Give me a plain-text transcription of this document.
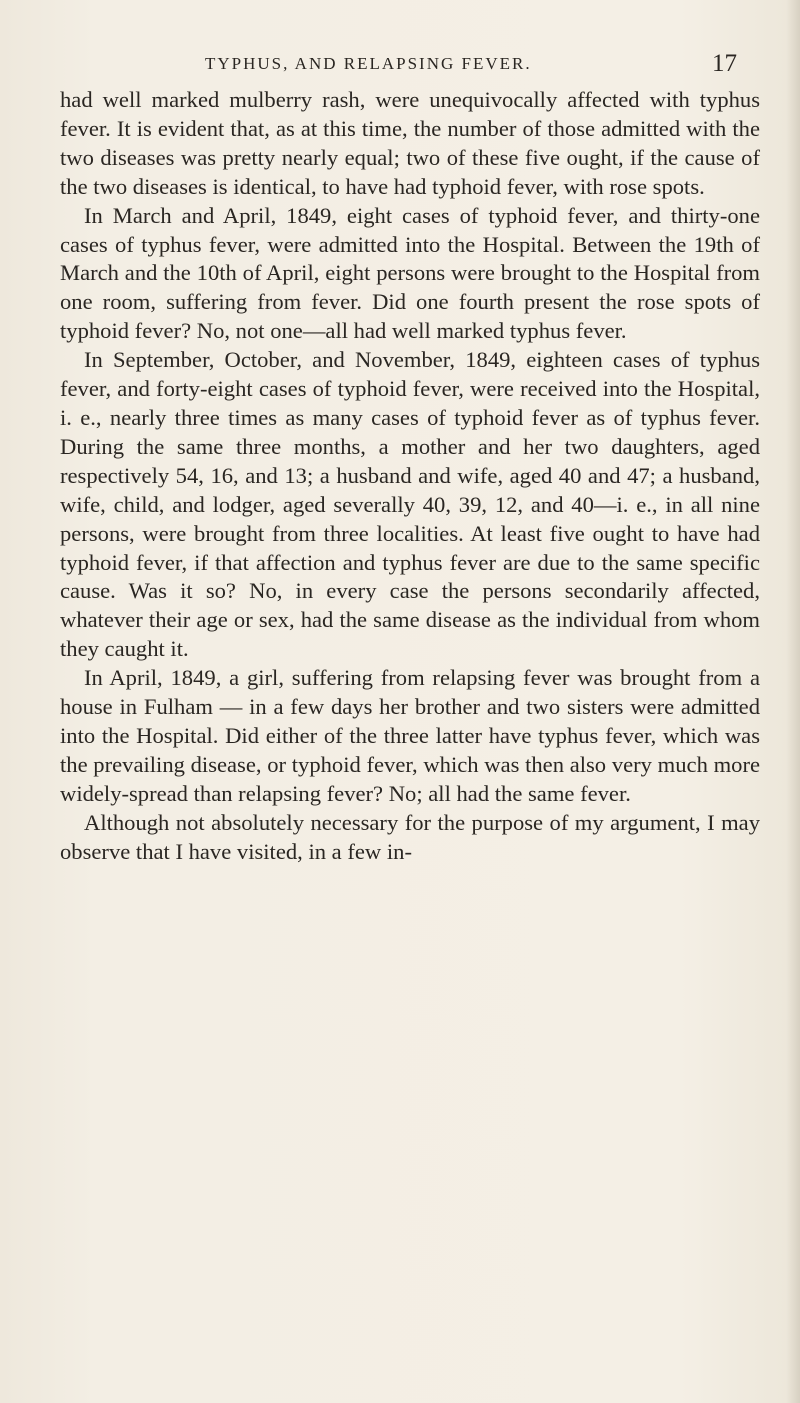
TYPHUS, AND RELAPSING FEVER.	17

had well marked mulberry rash, were unequivocally affected with typhus fever. It is evident that, as at this time, the number of those admitted with the two diseases was pretty nearly equal; two of these five ought, if the cause of the two diseases is identical, to have had typhoid fever, with rose spots.

In March and April, 1849, eight cases of typhoid fever, and thirty-one cases of typhus fever, were admitted into the Hospital. Between the 19th of March and the 10th of April, eight persons were brought to the Hospital from one room, suffering from fever. Did one fourth present the rose spots of typhoid fever? No, not one—all had well marked typhus fever.

In September, October, and November, 1849, eighteen cases of typhus fever, and forty-eight cases of typhoid fever, were received into the Hospital, i. e., nearly three times as many cases of typhoid fever as of typhus fever. During the same three months, a mother and her two daughters, aged respectively 54, 16, and 13; a husband and wife, aged 40 and 47; a husband, wife, child, and lodger, aged severally 40, 39, 12, and 40—i. e., in all nine persons, were brought from three localities. At least five ought to have had typhoid fever, if that affection and typhus fever are due to the same specific cause. Was it so? No, in every case the persons secondarily affected, whatever their age or sex, had the same disease as the individual from whom they caught it.

In April, 1849, a girl, suffering from relapsing fever was brought from a house in Fulham — in a few days her brother and two sisters were admitted into the Hospital. Did either of the three latter have typhus fever, which was the prevailing disease, or typhoid fever, which was then also very much more widely-spread than relapsing fever? No; all had the same fever.

Although not absolutely necessary for the purpose of my argument, I may observe that I have visited, in a few in-
